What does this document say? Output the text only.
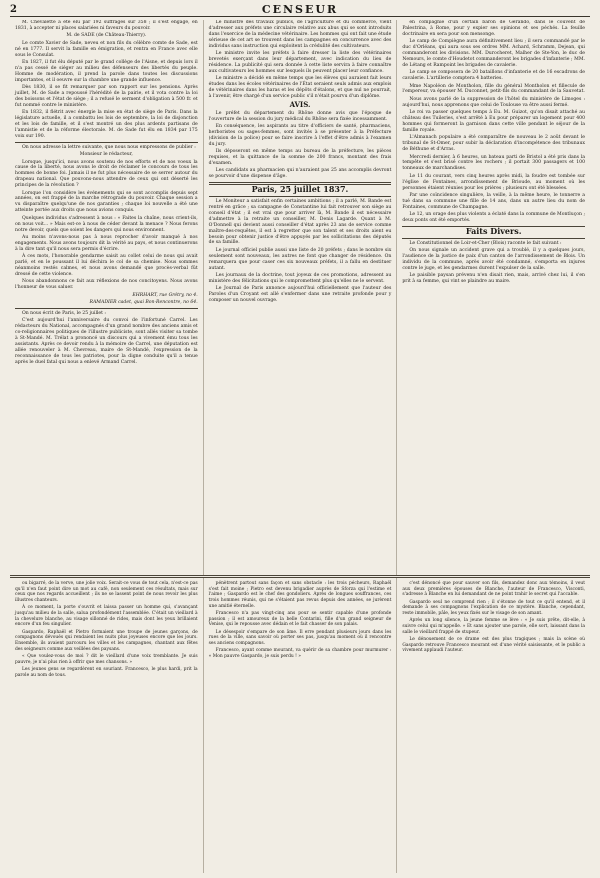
2	CENSEUR

M. Chevalette a été élu par 192 suffrages sur 358 ; il s'est engagé, en 1831, à accepter ni places salariées ni faveurs du pouvoir.

M. de SADE (de Château-Thierry).

Le comte Xavier de Sade, neveu et non fils du célèbre comte de Sade, est né en 1777. Il servit la famille en émigration, et rentra en France avec elle sous le Consulat.

En 1827, il fut élu député par le grand collège de l'Aisne, et depuis lors il n'a pas cessé de siéger au milieu des défenseurs des libertés du peuple. Homme de modération, il prend la parole dans toutes les discussions importantes, et il oeuvre sur la chambre une grande influence.

Dès 1830, il se fit remarquer par son rapport sur les pensions. Après juillet, M. de Sade a repoussé l'hérédité de la pairie, et il vota contre la loi des boissons et l'état de siège ; il a refusé le serment d'obligation à 500 fr. et fut nommé contre le ministère.

En 1832, il flétrit avec énergie la mise en état de siège de Paris. Dans la législature actuelle, il a combattu les lois de septembre, la loi de disjonction et les lois de famille, et il s'est montré un des plus ardents partisans de l'amnistie et de la réforme électorale. M. de Sade fut élu en 1834 par 175 voix sur 190.

On nous adresse la lettre suivante, que nous nous empressons de publier :

Monsieur le rédacteur,

Lorsque, jusqu'ici, nous avons soutenu de nos efforts et de nos voeux la cause de la liberté, nous avons le droit de réclamer le concours de tous les hommes de bonne foi. Jamais il ne fut plus nécessaire de se serrer autour du drapeau national. Que pouvons-nous attendre de ceux qui ont déserté les principes de la révolution ?

Lorsque l'on considère les événements qui se sont accomplis depuis sept années, on est frappé de la marche rétrograde du pouvoir. Chaque session a vu disparaître quelqu'une de nos garanties ; chaque loi nouvelle a été une atteinte portée aux droits que nous avions conquis.

Quelques individus s'adressent à nous : « Faites la chaîne, nous crient-ils, on nous voit... » Mais est-ce à nous de céder devant la menace ? Nous ferons notre devoir, quels que soient les dangers qui nous environnent.

Au moins n'avons-nous pas à nous reprocher d'avoir manqué à nos engagements. Nous avons toujours dit la vérité au pays, et nous continuerons à la dire tant qu'il nous sera permis d'écrire.

À ces mots, l'honorable gendarme saisit au collet celui de nous qui avait parlé, et en le poussant il lui déchira le col de sa chemise. Nous sommes néanmoins restés calmes, et nous avons demandé que procès-verbal fût dressé de cette violence.

Nous abandonnons ce fait aux réflexions de nos concitoyens. Nous avons l'honneur de vous saluer.

EHRHART, rue Grétry, no 4.

RAMADIER cadet, quai Bon-Rencontre, no 64.

On nous écrit de Paris, le 25 juillet :

C'est aujourd'hui l'anniversaire du convoi de l'infortuné Carrel. Les rédacteurs du National, accompagnés d'un grand nombre des anciens amis et co-religionnaires politiques de l'illustre publiciste, sont allés visiter sa tombe à St-Mandé. M. Trélat a prononcé un discours qui a vivement ému tous les assistants. Après ce devoir rendu à la mémoire de Carrel, une députation est allée renouveler à M. Chevreau, maire de St-Mandé, l'expression de la reconnaissance de tous les patriotes, pour la digne conduite qu'il a tenue après le duel fatal qui nous a enlevé Armand Carrel.

Le ministre des travaux publics, de l'agriculture et du commerce, vient d'adresser aux préfets une circulaire relative aux abus qui se sont introduits dans l'exercice de la médecine vétérinaire. Les hommes qui ont fait une étude sérieuse de cet art se trouvent dans les campagnes en concurrence avec des individus sans instruction qui exploitent la crédulité des cultivateurs.

Le ministre invite les préfets à faire dresser la liste des vétérinaires brevetés exerçant dans leur département, avec indication du lieu de résidence. La publicité qui sera donnée à cette liste servira à faire connaître aux cultivateurs les hommes sur lesquels ils peuvent placer leur confiance.

Le ministre a décidé en même temps que les élèves qui auraient fait leurs études dans les écoles vétérinaires de l'État seraient seuls admis aux emplois de vétérinaires dans les haras et les dépôts d'étalons, et que nul ne pourrait, à l'avenir, être chargé d'un service public s'il n'était pourvu d'un diplôme.

AVIS.

Le préfet du département du Rhône donne avis que l'époque de l'ouverture de la session du jury médical du Rhône sera fixée incessamment.

En conséquence, les aspirants au titre d'officiers de santé, pharmaciens, herboristes ou sages-femmes, sont invités à se présenter à la Préfecture (division de la police) pour se faire inscrire à l'effet d'être admis à l'examen du jury.

Ils déposeront en même temps au bureau de la préfecture, les pièces requises, et la quittance de la somme de 200 francs, montant des frais d'examen.

Les candidats au pharmacien qui n'auraient pas 25 ans accomplis devront se pourvoir d'une dispense d'âge.

Paris, 25 juillet 1837.

Le Moniteur a satisfait enfin certaines ambitions ; il a parlé, M. Bande est rentré en grâce ; sa campagne de Constantine lui fait retrouver son siège au conseil d'état ; il est vrai que pour arriver là, M. Bande il est nécessaire d'admettre à la retraite un conseiller, M. Denis Lagarde. Quant à M. O'Donnell qui devient aussi conseiller d'état après 23 ans de service comme maître-des-requêtes, il est à regretter que son talent et ses droits aient eu besoin pour obtenir justice d'être appuyés par les sollicitations des députés de sa famille.

Le journal officiel publie aussi une liste de 20 préfets ; dans le nombre six seulement sont nouveaux, les autres ne font que changer de résidence. On remarquera que pour caser ces six nouveaux préfets, il a fallu en destituer autant.

Les journaux de la doctrine, tout joyeux de ces promotions, adressent au ministère des félicitations qui le compromettent plus qu'elles ne le servent.

Le Journal de Paris annonce aujourd'hui officiellement que l'auteur des Paroles d'un Croyant est allé s'enfermer dans une retraite profonde pour y composer un nouvel ouvrage.

en compagnie d'un certain baron de Gérando, dans le couvent de Palestrina, à Rome, pour y expier ses opinions et ses péchés. La feuille doctrinaire en sera pour son mensonge.

Le camp de Compiègne aura définitivement lieu ; il sera commandé par le duc d'Orléans, qui aura sous ses ordres MM. Achard, Schramm, Dejean, qui commanderont les divisions. MM. Durocheret, Malher de Ste-Yon, le duc de Nemours, le comte d'Houdetot commanderont les brigades d'infanterie ; MM. de Létang et Rampoint les brigades de cavalerie.

Le camp se composera de 20 bataillons d'infanterie et de 16 escadrons de cavalerie. L'artillerie comptera 4 batteries.

Mme Napoléon de Montholon, fille du général Montholon et fillecule de l'empereur, va épouser M. Duconnet, petit-fils du commandant de la Sauvetat.

Nous avons parlé de la suppression de l'hôtel du ministère de Limoges : aujourd'hui, nous apprenons que celui de Toulouse va être aussi fermé.

Le roi va passer quelques temps à Eu. M. Guizot, qu'on disait attaché au château des Tuileries, s'est arrêté à Eu pour préparer un logement pour 400 hommes qui formeront la garnison dans cette ville pendant le séjour de la famille royale.

L'Almanach populaire a été comparaître de nouveau le 2 août devant le tribunal de St-Omer, pour subir la déclaration d'incompétence des tribunaux de Béthune et d'Arras.

Mercredi dernier, à 6 heures, un bateau parti de Bristol a été pris dans la tempête et s'est brisé contre les rochers ; il portait 300 passagers et 100 tonneaux de marchandises.

Le 11 du courant, vers cinq heures après midi, la foudre est tombée sur l'église de Fontaines, arrondissement de Brioude, au moment où les personnes étaient réunies pour les prières ; plusieurs ont été blessées.

Par une coïncidence singulière, la veille, à la même heure, le tonnerre a tué dans sa commune une fille de 14 ans, dans un autre lieu du nom de Fontaines, commune de Champagne.

Le 12, un orage des plus violents a éclaté dans la commune de Montluçon ; deux ponts ont été emportés.

Faits Divers.

Le Constitutionnel de Loir-et-Cher (Blois) raconte le fait suivant :

On nous signale un accident grave qui a troublé, il y a quelques jours, l'audience de la justice de paix d'un canton de l'arrondissement de Blois. Un individu de la commune, après avoir été condamné, s'emporta en injures contre le juge, et les gendarmes durent l'expulser de la salle.

Le paisible paysan prévenu n'en disait rien, mais, arrivé chez lui, il s'en prit à sa femme, qui vint se plaindre au maire.

ou bigarré, de la verve, une jolie voix. Serait-ce vous de tout cela, n'est-ce pas qu'il n'en faut point dire un mot au café, non seulement ces résultats, mais sur ceux que nos regards accueillent ; ils ne se lassent point de nous revoir les plus illustres chanteurs.

À ce moment, la porte s'ouvrit et laissa passer un homme qui, s'avançant jusqu'au milieu de la salle, salua profondément l'assemblée. C'était un vieillard à la chevelure blanche, au visage sillonné de rides, mais dont les yeux brillaient encore d'un feu singulier.

Gaspardo, Raphaël et Pietro formaient une troupe de jeunes garçons, de compagnons dévoués qui rendaient les nuits plus joyeuses encore que les jours. Ensemble, ils avaient parcouru les villes et les campagnes, chantant aux fêtes des seigneurs comme aux veillées des paysans.

« Que voulez-vous de moi ? dit le vieillard d'une voix tremblante. Je suis pauvre, je n'ai plus rien à offrir que mes chansons. »

Les jeunes gens se regardèrent en souriant. Francesco, le plus hardi, prit la parole au nom de tous.

pénètrent partout sans façon et sans obstacle : les trois pécheurs, Raphaël s'est fait moine ; Pietro est devenu brigadier auprès de Sforza qui l'estime et l'aime ; Gaspardo est le chef des gondoliers. Après de longues souffrances, ces trois hommes réunis, qui ne s'étaient pas revus depuis des années, se jurèrent une amitié éternelle.

Francesco n'a pas vingt-cinq ans pour se sentir capable d'une profonde passion ; il est amoureux de la belle Contarini, fille d'un grand seigneur de Venise, qui le repousse avec dédain et le fait chasser de son palais.

Le désespoir s'empare de son âme. Il erre pendant plusieurs jours dans les rues de la ville, sans savoir où porter ses pas, jusqu'au moment où il rencontre ses anciens compagnons.

Francesco, ayant comme mourant, va quérir de sa chambre pour murmurer : « Mon pauvre Gaspardo, je suis perdu ! »

c'est dénoncé que pour sauver son fils, demandez donc aux témoins, il veut aux deux premières épouses de Blanche, l'auteur de Francesco, Visconti, s'adresse à Blanche en lui demandant de ne point trahir le secret qui l'accable.

Gaspardo seul ne comprend rien ; il s'étonne de tout ce qu'il entend, et il demande à ses compagnons l'explication de ce mystère. Blanche, cependant, reste immobile, pâle, les yeux fixés sur le visage de son amant.

Après un long silence, la jeune femme se lève : « Je suis prête, dit-elle, à suivre celui qui m'appelle. » Et sans ajouter une parole, elle sort, laissant dans la salle le vieillard frappé de stupeur.

Le dénouement de ce drame est des plus tragiques ; mais la scène où Gaspardo retrouve Francesco mourant est d'une vérité saisissante, et le public a vivement applaudi l'auteur.
